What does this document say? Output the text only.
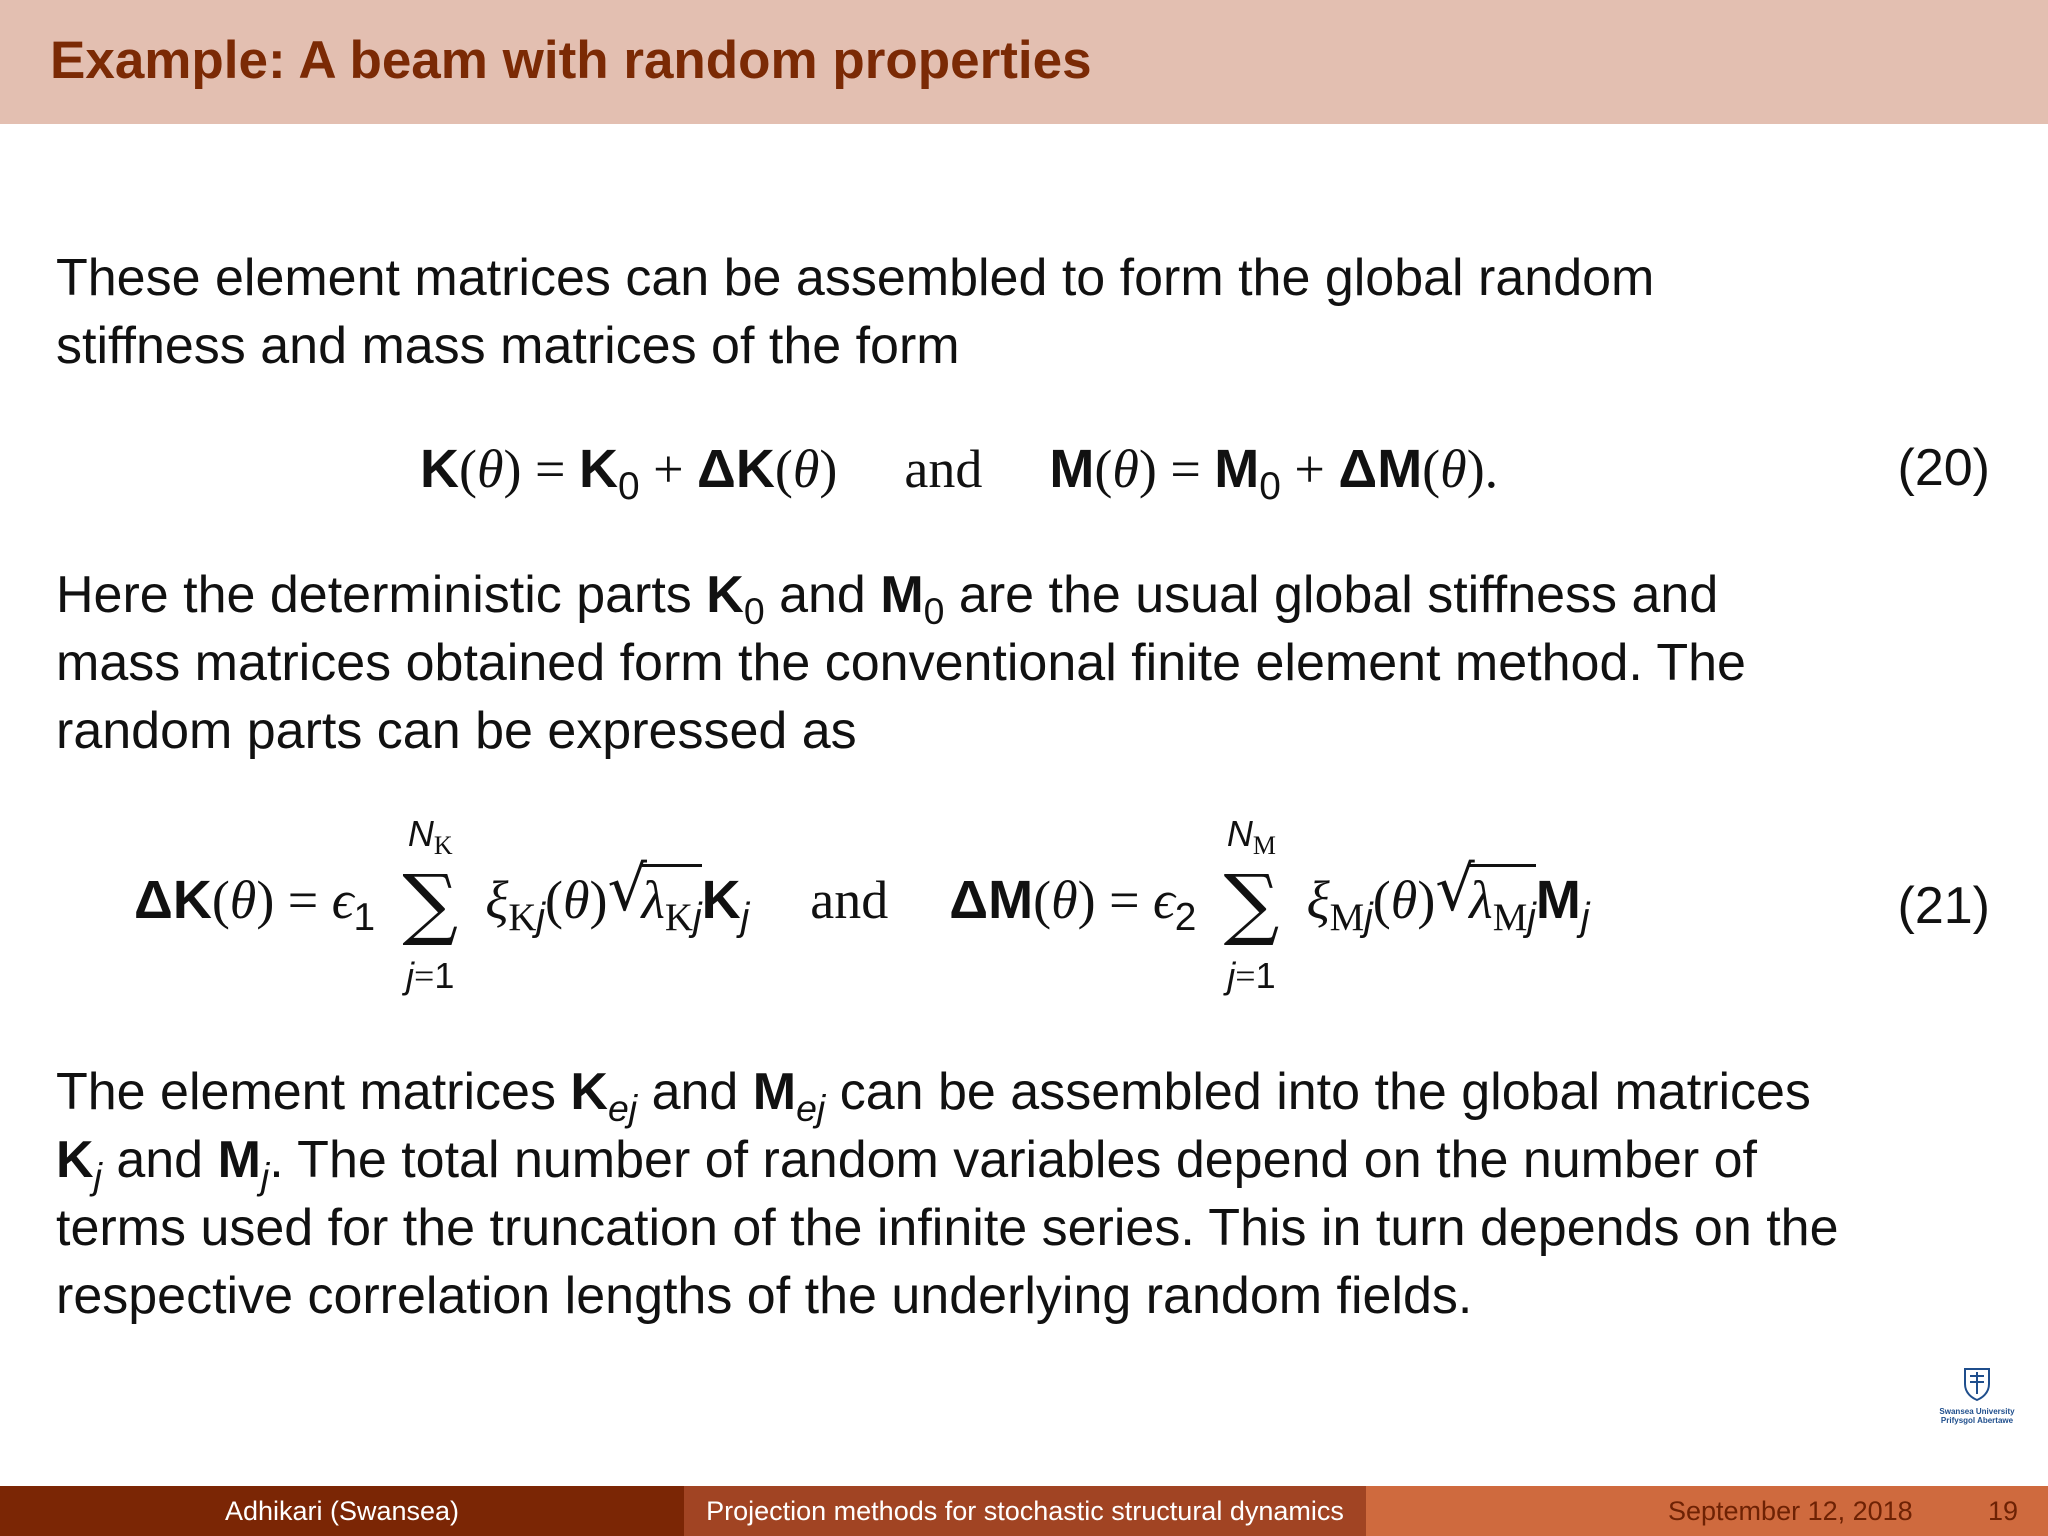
Example: A beam with random properties
These element matrices can be assembled to form the global random
stiffness and mass matrices of the form
$K(\theta) = K_0 + \Delta K(\theta)$ and $M(\theta) = M_0 + \Delta M(\theta)$.	(20)
Here the deterministic parts $K_0$ and $M_0$ are the usual global stiffness and
mass matrices obtained form the conventional finite element method. The
random parts can be expressed as
$\Delta K(\theta) = \epsilon_1$
$N_K$
∑
j=1
$\xi_{Kj}(\theta)$ √
$\lambda_{Kj}K_j$ and $\Delta M(\theta) = \epsilon_2$
$N_M$
∑
j=1
$\xi_{Mj}(\theta)$ √
$\lambda_{Mj}M_j$	(21)
The element matrices $K_{ej}$ and $M_{ej}$ can be assembled into the global matrices
$K_j$ and $M_j$. The total number of random variables depend on the number of
terms used for the truncation of the infinite series. This in turn depends on the
respective correlation lengths of the underlying random fields.
Swansea University
Prifysgol Abertawe
Adhikari (Swansea)	Projection methods for stochastic structural dynamics	September 12, 2018	19
